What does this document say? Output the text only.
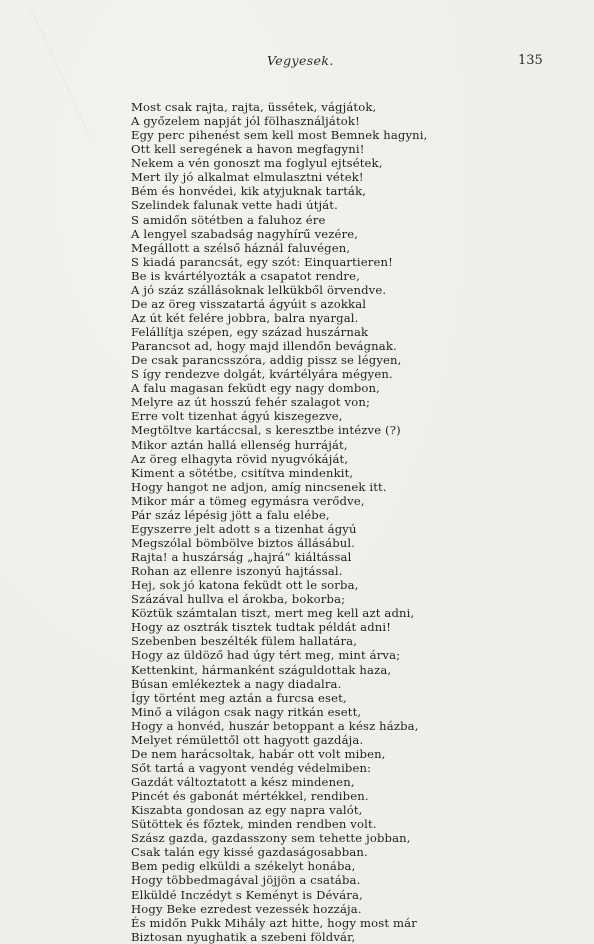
Vegyesek.	135
Most csak rajta, rajta, üssétek, vágjátok,
A győzelem napját jól fölhasználjátok!
Egy perc pihenést sem kell most Bemnek hagyni,
Ott kell seregének a havon megfagyni!
Nekem a vén gonoszt ma foglyul ejtsétek,
Mert ily jó alkalmat elmulasztni vétek!
Bém és honvédei, kik atyjuknak tarták,
Szelindek falunak vette hadi útját.
S amidőn sötétben a faluhoz ére
A lengyel szabadság nagyhírű vezére,
Megállott a szélső háznál faluvégen,
S kiadá parancsát, egy szót: Einquartieren!
Be is kvártélyozták a csapatot rendre,
A jó száz szállásoknak lelkükből örvendve.
De az öreg visszatartá ágyúit s azokkal
Az út két felére jobbra, balra nyargal.
Felállítja szépen, egy század huszárnak
Parancsot ad, hogy majd illendőn bevágnak.
De csak parancsszóra, addig pissz se légyen,
S így rendezve dolgát, kvártélyára mégyen.
A falu magasan feküdt egy nagy dombon,
Melyre az út hosszú fehér szalagot von;
Erre volt tizenhat ágyú kiszegezve,
Megtöltve kartáccsal, s keresztbe intézve (?)
Mikor aztán hallá ellenség hurráját,
Az öreg elhagyta rövid nyugvókáját,
Kiment a sötétbe, csitítva mindenkit,
Hogy hangot ne adjon, amíg nincsenek itt.
Mikor már a tömeg egymásra verődve,
Pár száz lépésig jött a falu elébe,
Egyszerre jelt adott s a tizenhat ágyú
Megszólal bömbölve biztos állásábul.
Rajta! a huszárság „hajrá“ kiáltással
Rohan az ellenre iszonyú hajtással.
Hej, sok jó katona feküdt ott le sorba,
Százával hullva el árokba, bokorba;
Köztük számtalan tiszt, mert meg kell azt adni,
Hogy az osztrák tisztek tudtak példát adni!
Szebenben beszélték fülem hallatára,
Hogy az üldöző had úgy tért meg, mint árva;
Kettenkint, hármanként száguldottak haza,
Búsan emlékeztek a nagy diadalra.
Így történt meg aztán a furcsa eset,
Minő a világon csak nagy ritkán esett,
Hogy a honvéd, huszár betoppant a kész házba,
Melyet rémülettől ott hagyott gazdája.
De nem harácsoltak, habár ott volt miben,
Sőt tartá a vagyont vendég védelmiben:
Gazdát változtatott a kész mindenen,
Pincét és gabonát mértékkel, rendiben.
Kiszabta gondosan az egy napra valót,
Sütöttek és főztek, minden rendben volt.
Szász gazda, gazdasszony sem tehette jobban,
Csak talán egy kissé gazdaságosabban.
Bem pedig elküldi a székelyt honába,
Hogy többedmagával jöjjön a csatába.
Elküldé Inczédyt s Keményt is Dévára,
Hogy Beke ezredest vezessék hozzája.
És midőn Pukk Mihály azt hitte, hogy most már
Biztosan nyughatik a szebeni földvár,
